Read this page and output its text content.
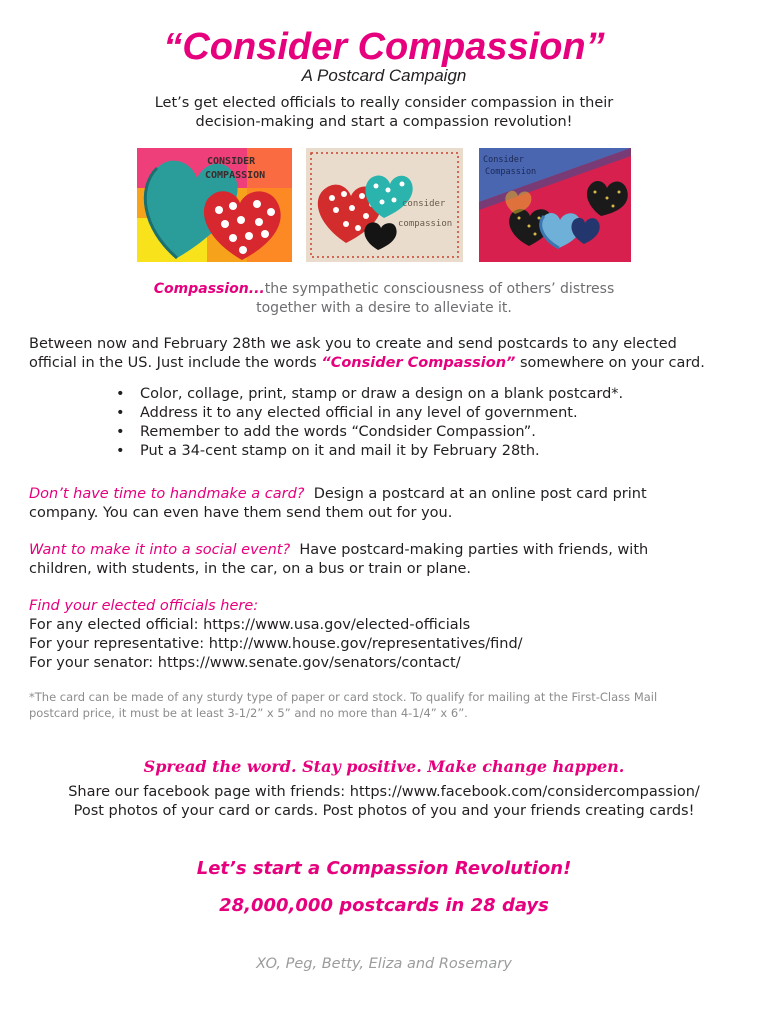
“Consider Compassion”
A Postcard Campaign
Let’s get elected officials to really consider compassion in their
decision-making and start a compassion revolution!
CONSIDER
COMPASSION
consider
compassion
Consider
Compassion
Compassion...the sympathetic consciousness of others’ distress
together with a desire to alleviate it.
Between now and February 28th we ask you to create and send postcards to any elected
official in the US. Just include the words “Consider Compassion” somewhere on your card.
• Color, collage, print, stamp or draw a design on a blank postcard*.
• Address it to any elected official in any level of government.
• Remember to add the words “Condsider Compassion”.
• Put a 34-cent stamp on it and mail it by February 28th.
Don’t have time to handmake a card?  Design a postcard at an online post card print
company. You can even have them send them out for you.
Want to make it into a social event?  Have postcard-making parties with friends, with
children, with students, in the car, on a bus or train or plane.
Find your elected officials here:
For any elected official: https://www.usa.gov/elected-officials
For your representative: http://www.house.gov/representatives/find/
For your senator: https://www.senate.gov/senators/contact/
*The card can be made of any sturdy type of paper or card stock. To qualify for mailing at the First-Class Mail
postcard price, it must be at least 3-1/2” x 5” and no more than 4-1/4” x 6”.
Spread the word. Stay positive. Make change happen.
Share our facebook page with friends: https://www.facebook.com/considercompassion/
Post photos of your card or cards. Post photos of you and your friends creating cards!
Let’s start a Compassion Revolution!
28,000,000 postcards in 28 days
XO, Peg, Betty, Eliza and Rosemary
